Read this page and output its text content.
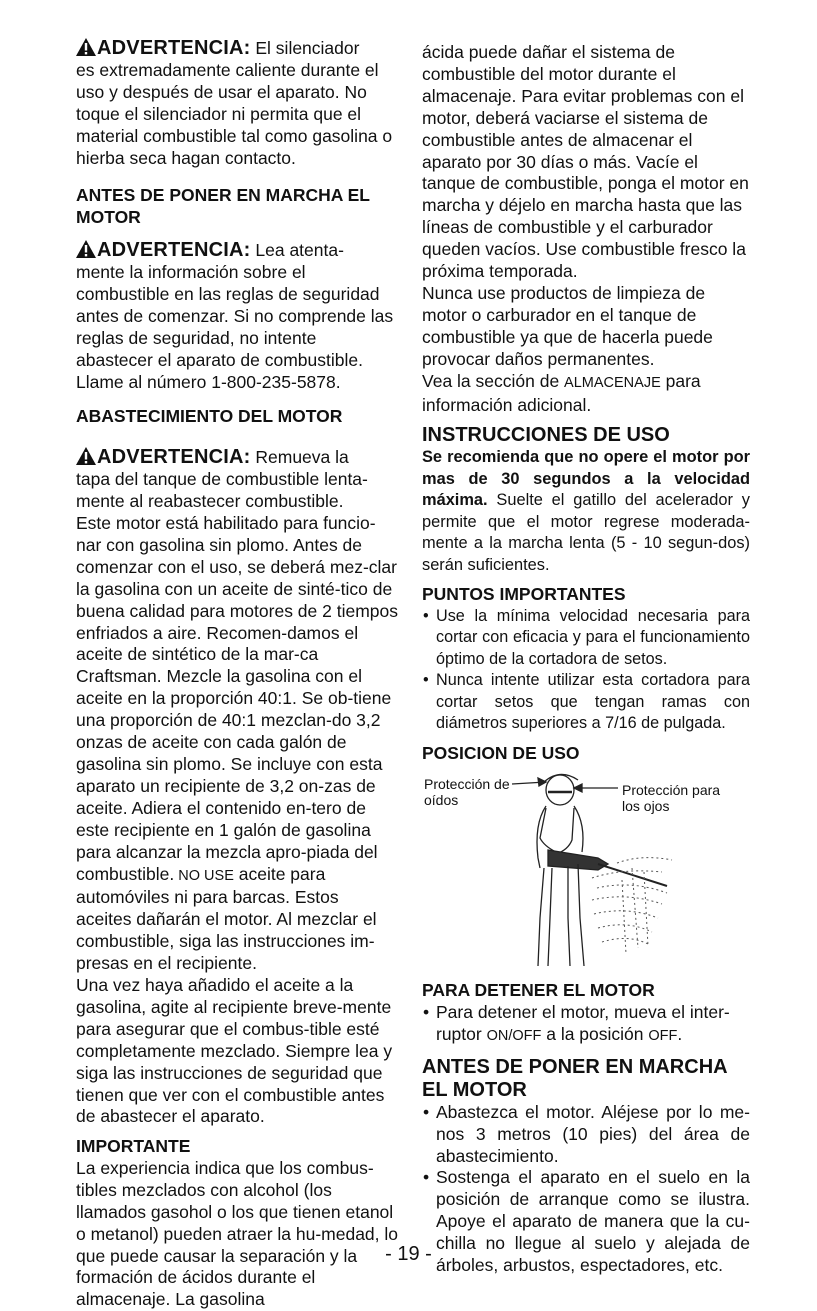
ADVERTENCIA: El silenciador
es extremadamente caliente durante el uso y después de usar el aparato. No toque el silenciador ni permita que el material combustible tal como gasolina o hierba seca hagan contacto.

ANTES DE PONER EN MARCHA EL MOTOR

ADVERTENCIA: Lea atenta-
mente la información sobre el combustible en las reglas de seguridad antes de comenzar. Si no comprende las reglas de seguridad, no intente abastecer el aparato de combustible. Llame al número 1-800-235-5878.

ABASTECIMIENTO DEL MOTOR

ADVERTENCIA: Remueva la
tapa del tanque de combustible lenta-mente al reabastecer combustible.

Este motor está habilitado para funcio-nar con gasolina sin plomo. Antes de comenzar con el uso, se deberá mez-clar la gasolina con un aceite de sinté-tico de buena calidad para motores de 2 tiempos enfriados a aire. Recomen-damos el aceite de sintético de la mar-ca Craftsman. Mezcle la gasolina con el aceite en la proporción 40:1. Se ob-tiene una proporción de 40:1 mezclan-do 3,2 onzas de aceite con cada galón de gasolina sin plomo. Se incluye con esta aparato un recipiente de 3,2 on-zas de aceite. Adiera el contenido en-tero de este recipiente en 1 galón de gasolina para alcanzar la mezcla apro-piada del combustible. NO USE aceite para automóviles ni para barcas. Estos aceites dañarán el motor. Al mezclar el combustible, siga las instrucciones im-presas en el recipiente.

Una vez haya añadido el aceite a la gasolina, agite al recipiente breve-mente para asegurar que el combus-tible esté completamente mezclado. Siempre lea y siga las instrucciones de seguridad que tienen que ver con el combustible antes de abastecer el aparato.

IMPORTANTE

La experiencia indica que los combus-tibles mezclados con alcohol (los llamados gasohol o los que tienen etanol o metanol) pueden atraer la hu-medad, lo que puede causar la separación y la formación de ácidos durante el almacenaje. La gasolina

ácida puede dañar el sistema de combustible del motor durante el almacenaje. Para evitar problemas con el motor, deberá vaciarse el sistema de combustible antes de almacenar el aparato por 30 días o más. Vacíe el tanque de combustible, ponga el motor en marcha y déjelo en marcha hasta que las líneas de combustible y el carburador queden vacíos. Use combustible fresco la próxima temporada.

Nunca use productos de limpieza de motor o carburador en el tanque de combustible ya que de hacerla puede provocar daños permanentes.

Vea la sección de ALMACENAJE para información adicional.

INSTRUCCIONES DE USO

Se recomienda que no opere el motor por mas de 30 segundos a la velocidad máxima. Suelte el gatillo del acelerador y permite que el motor regrese moderada-mente a la marcha lenta (5 - 10 segun-dos) serán suficientes.

PUNTOS IMPORTANTES
• Use la mínima velocidad necesaria para cortar con eficacia y para el funcionamiento óptimo de la cortadora de setos.
• Nunca intente utilizar esta cortadora para cortar setos que tengan ramas con diámetros superiores a 7/16 de pulgada.
POSICION DE USO
Protección de oídos
Protección para los ojos
PARA DETENER EL MOTOR
• Para detener el motor, mueva el inter-ruptor ON/OFF a la posición OFF.
ANTES DE PONER EN MARCHA EL MOTOR
• Abastezca el motor. Aléjese por lo me-nos 3 metros (10 pies) del área de abastecimiento.
• Sostenga el aparato en el suelo en la posición de arranque como se ilustra. Apoye el aparato de manera que la cu-chilla no llegue al suelo y alejada de árboles, arbustos, espectadores, etc.
- 19 -
